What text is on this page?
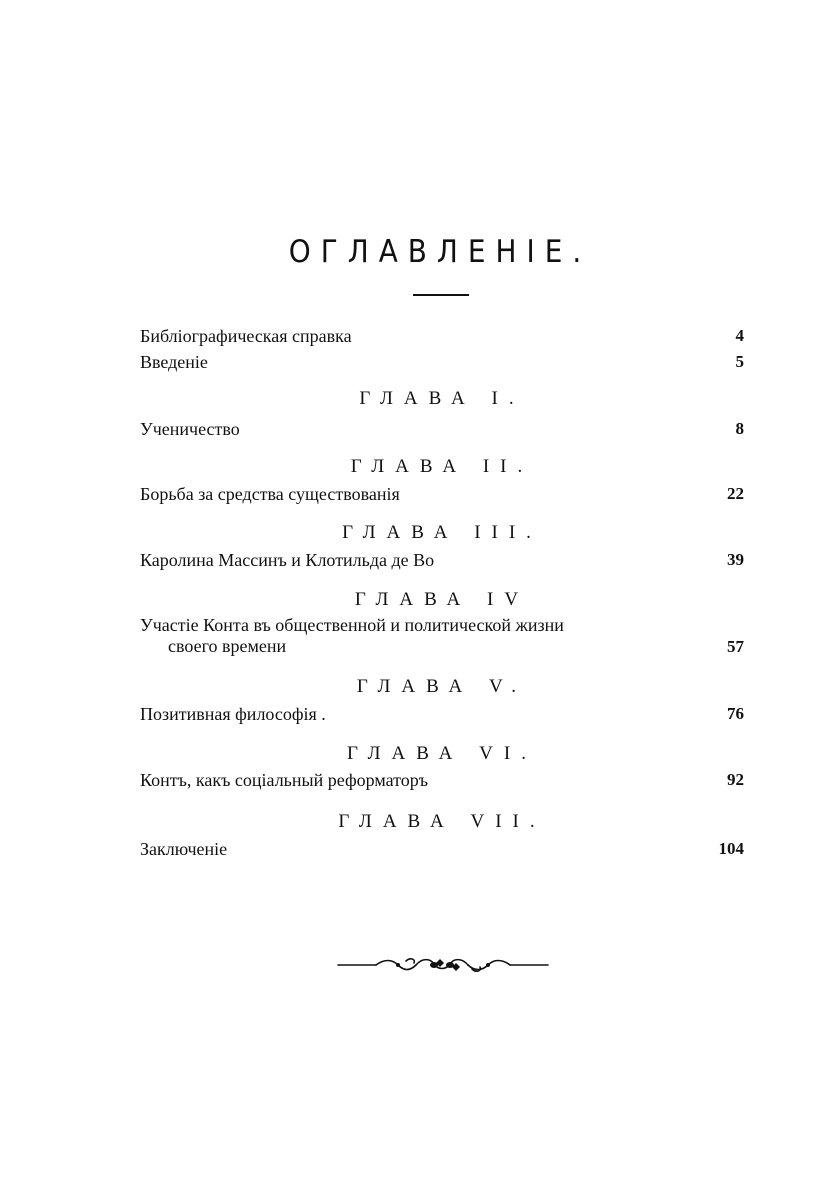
ОГЛАВЛЕНІЕ.
Библіографическая справка	4
Введеніе	5
ГЛАВА I.
Ученичество	8
ГЛАВА II.
Борьба за средства существованія	22
ГЛАВА III.
Каролина Массинъ и Клотильда де Во	39
ГЛАВА IV
Участіе Конта въ общественной и политической жизни
своего времени	57
ГЛАВА V.
Позитивная философія .	76
ГЛАВА VI.
Контъ, какъ соціальный реформаторъ	92
ГЛАВА VII.
Заключеніе	104
